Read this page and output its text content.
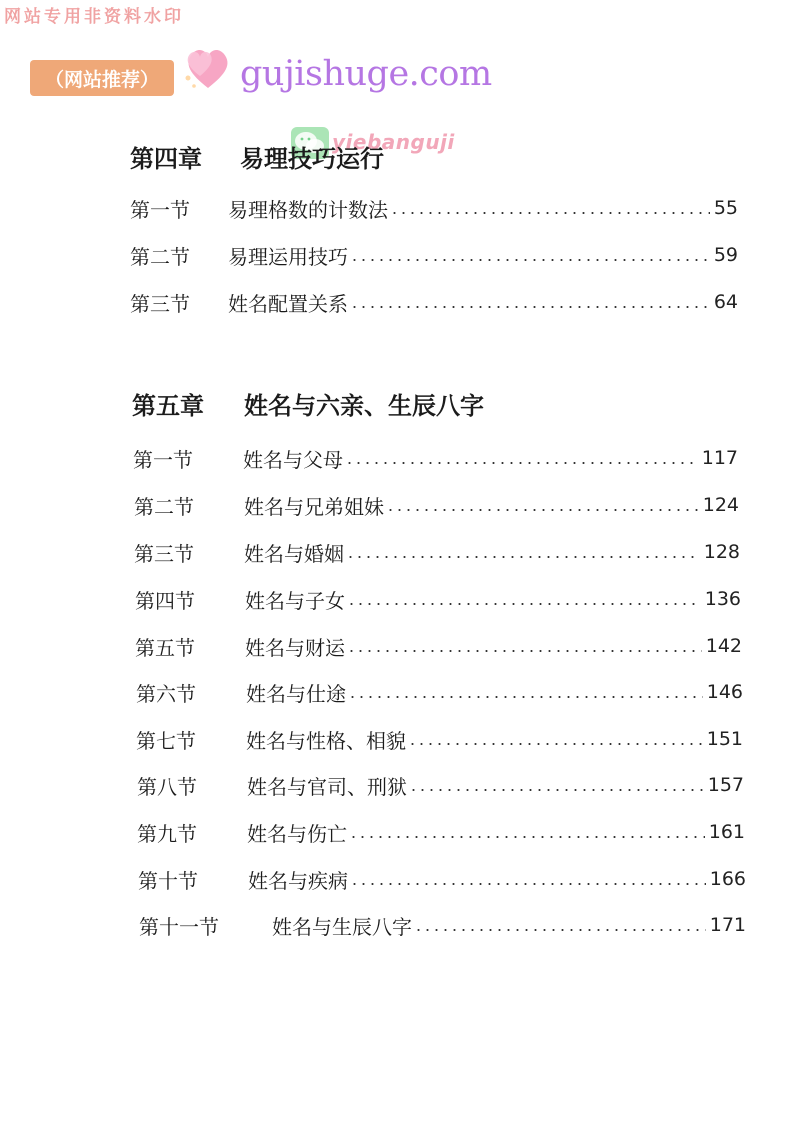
网站专用非资料水印
（网站推荐）	gujishuge.com
yiebanguji
第四章	易理技巧运行
第一节	易理格数的计数法	55
第二节	易理运用技巧	59
第三节	姓名配置关系	64
第五章	姓名与六亲、生辰八字
第一节	姓名与父母	117
第二节	姓名与兄弟姐妹	124
第三节	姓名与婚姻	128
第四节	姓名与子女	136
第五节	姓名与财运	142
第六节	姓名与仕途	146
第七节	姓名与性格、相貌	151
第八节	姓名与官司、刑狱	157
第九节	姓名与伤亡	161
第十节	姓名与疾病	166
第十一节	姓名与生辰八字	171
